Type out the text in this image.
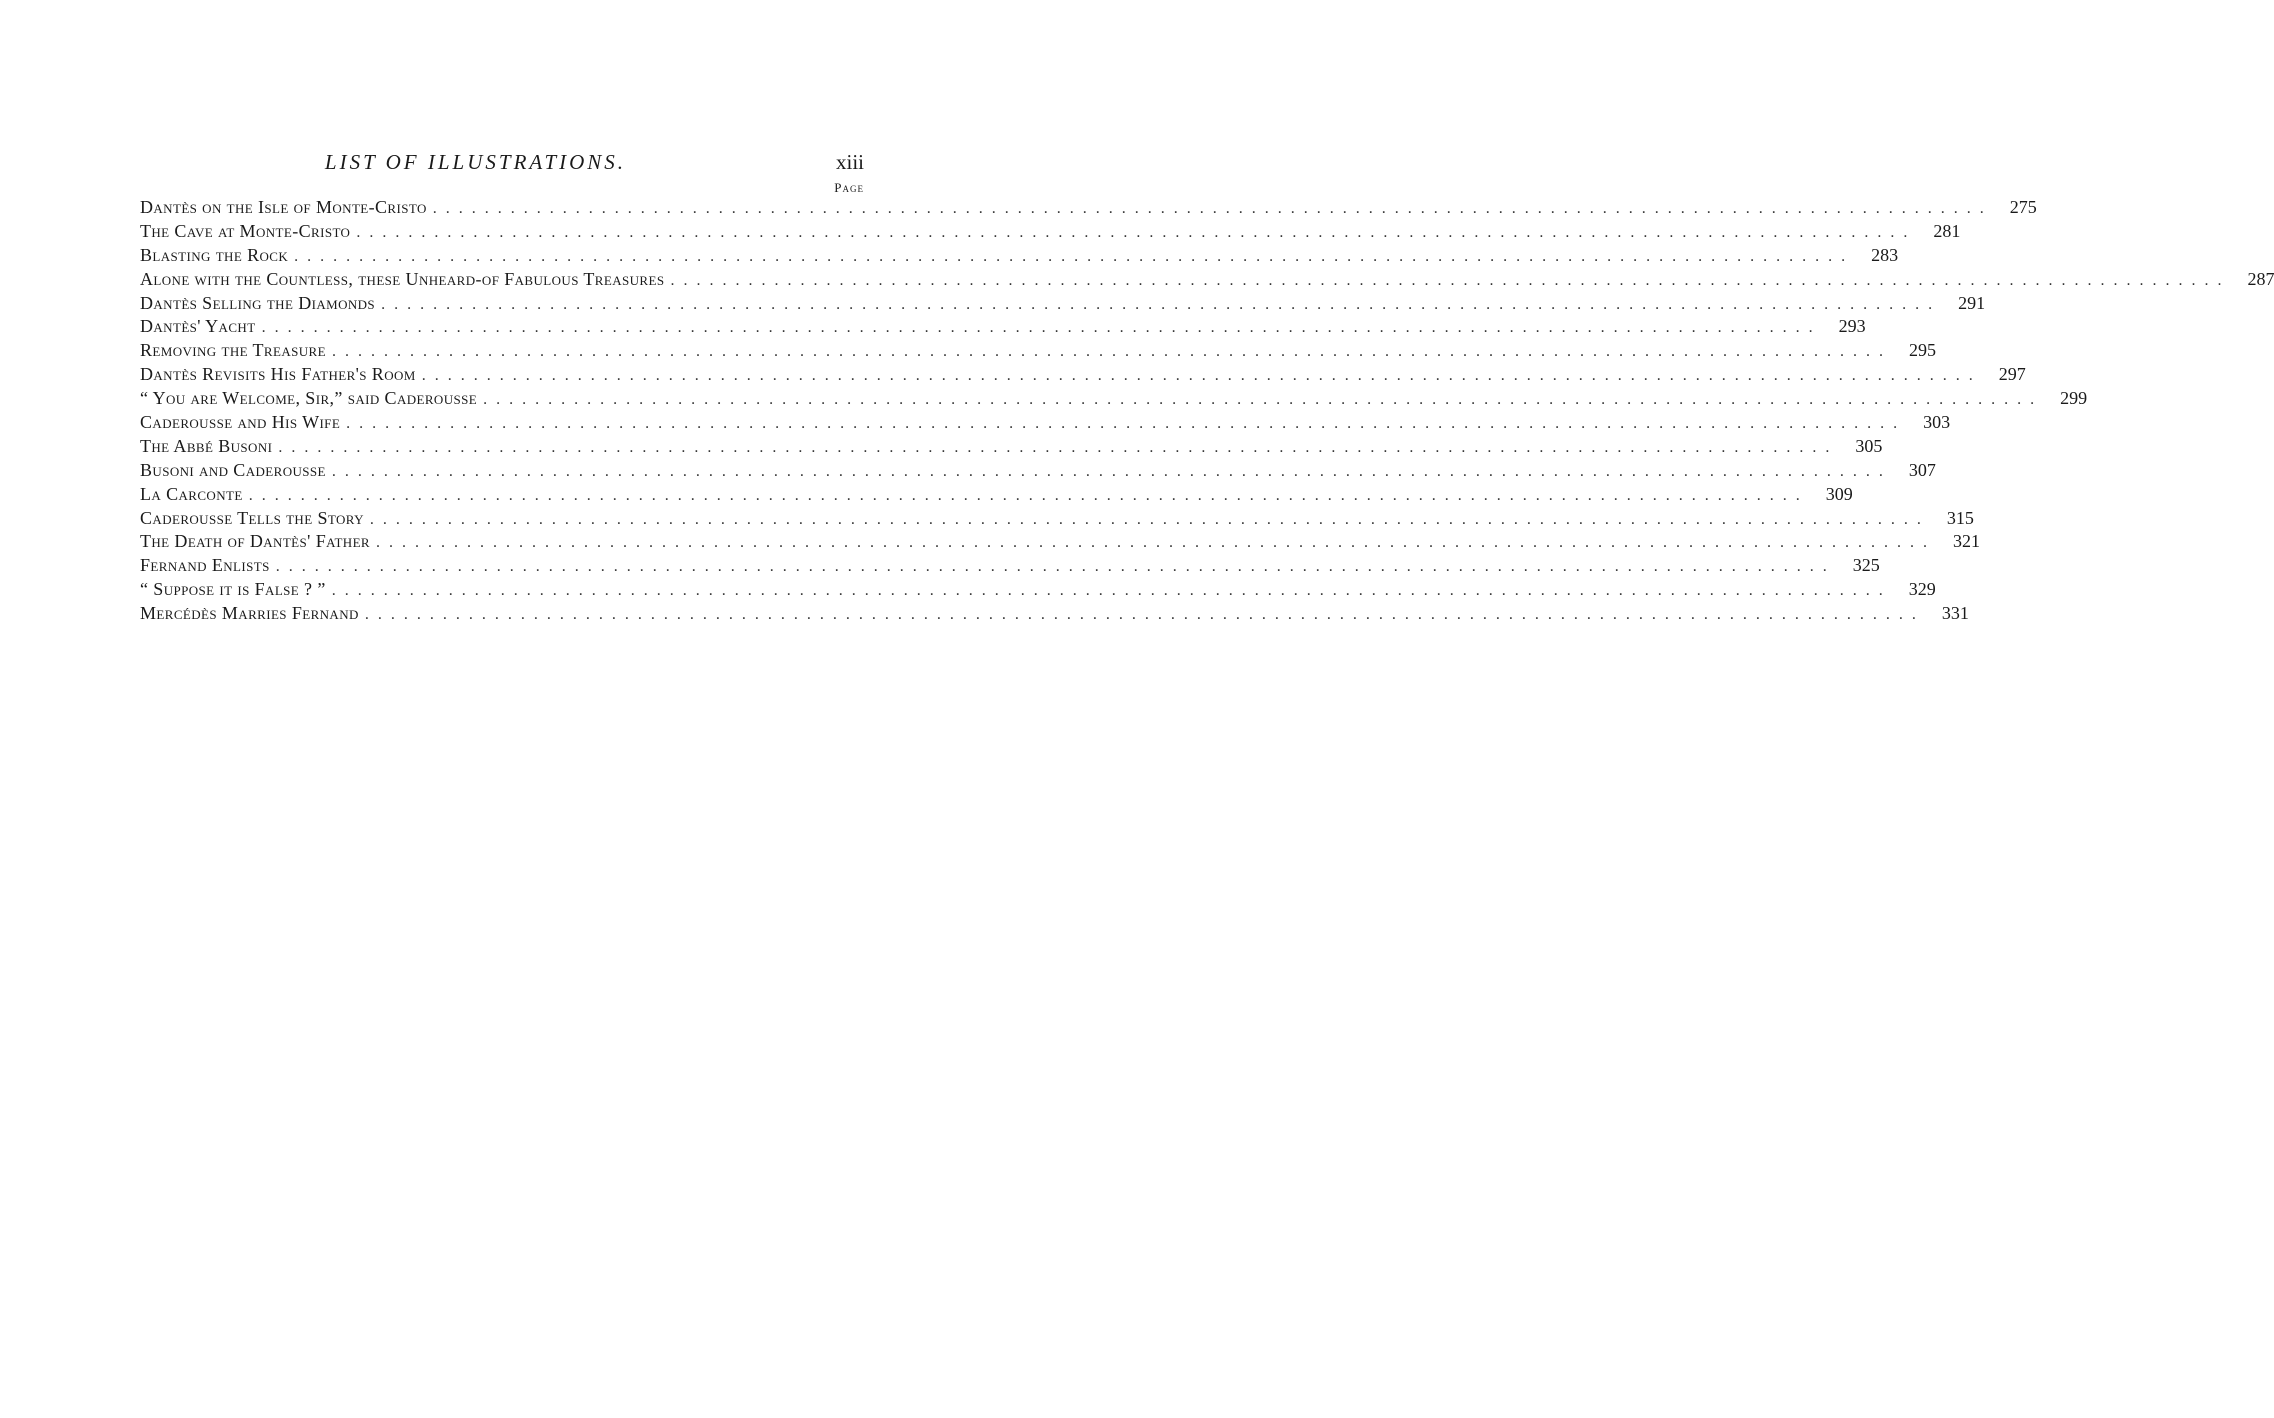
LIST OF ILLUSTRATIONS.	xiii
Page
Dantès on the Isle of Monte-Cristo ........................................................................................................................ 275
The Cave at Monte-Cristo ........................................................................................................................ 281
Blasting the Rock ........................................................................................................................ 283
Alone with the Countless, these Unheard-of Fabulous Treasures ........................................................................................................................ 287
Dantès Selling the Diamonds ........................................................................................................................ 291
Dantès' Yacht ........................................................................................................................ 293
Removing the Treasure ........................................................................................................................ 295
Dantès Revisits His Father's Room ........................................................................................................................ 297
“ You are Welcome, Sir,” said Caderousse ........................................................................................................................ 299
Caderousse and His Wife ........................................................................................................................ 303
The Abbé Busoni ........................................................................................................................ 305
Busoni and Caderousse ........................................................................................................................ 307
La Carconte ........................................................................................................................ 309
Caderousse Tells the Story ........................................................................................................................ 315
The Death of Dantès' Father ........................................................................................................................ 321
Fernand Enlists ........................................................................................................................ 325
“ Suppose it is False ? ” ........................................................................................................................ 329
Mercédès Marries Fernand ........................................................................................................................ 331
